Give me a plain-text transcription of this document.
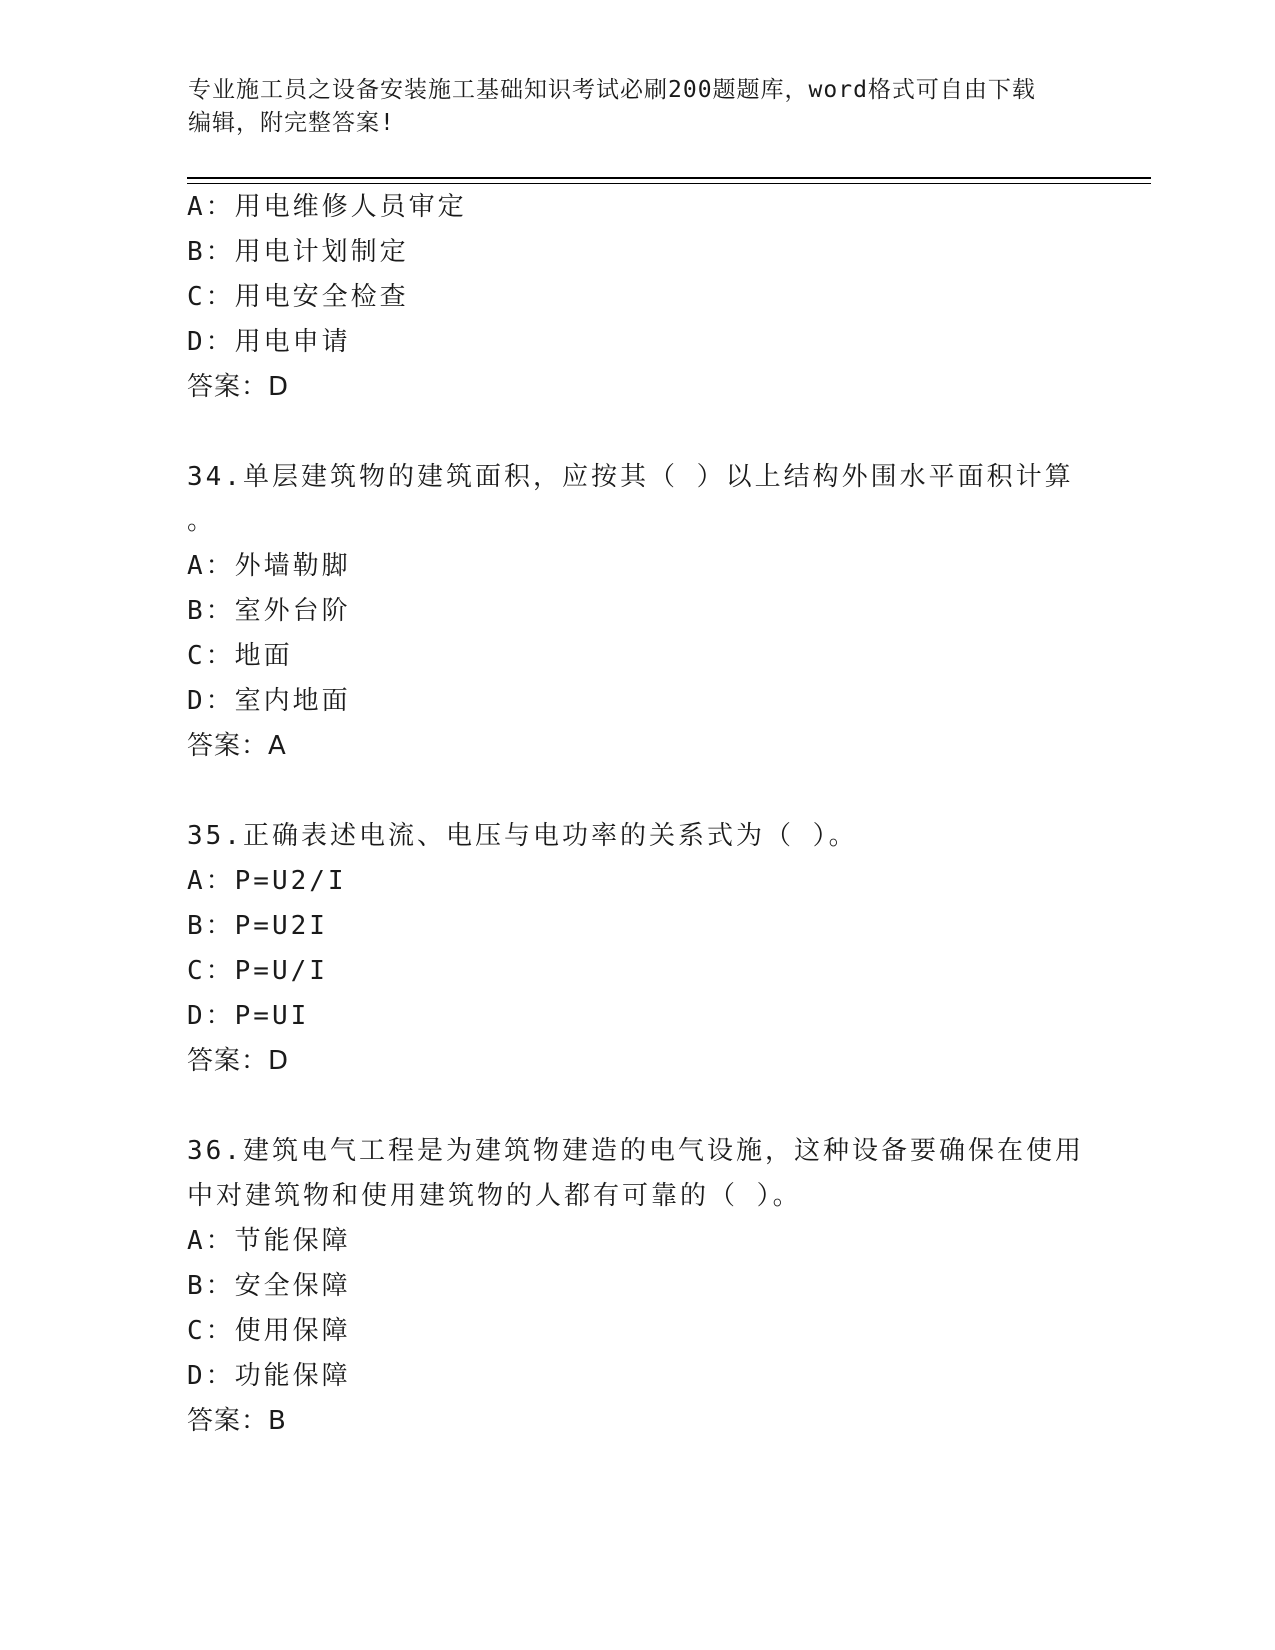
专业施工员之设备安装施工基础知识考试必刷200题题库，word格式可自由下载
编辑，附完整答案!
A：用电维修人员审定
B：用电计划制定
C：用电安全检查
D：用电申请
答案：D
34.单层建筑物的建筑面积，应按其（ ）以上结构外围水平面积计算
。
A：外墙勒脚
B：室外台阶
C：地面
D：室内地面
答案：A
35.正确表述电流、电压与电功率的关系式为（ ）。
A：P=U2/I
B：P=U2I
C：P=U/I
D：P=UI
答案：D
36.建筑电气工程是为建筑物建造的电气设施，这种设备要确保在使用
中对建筑物和使用建筑物的人都有可靠的（ ）。
A：节能保障
B：安全保障
C：使用保障
D：功能保障
答案：B
